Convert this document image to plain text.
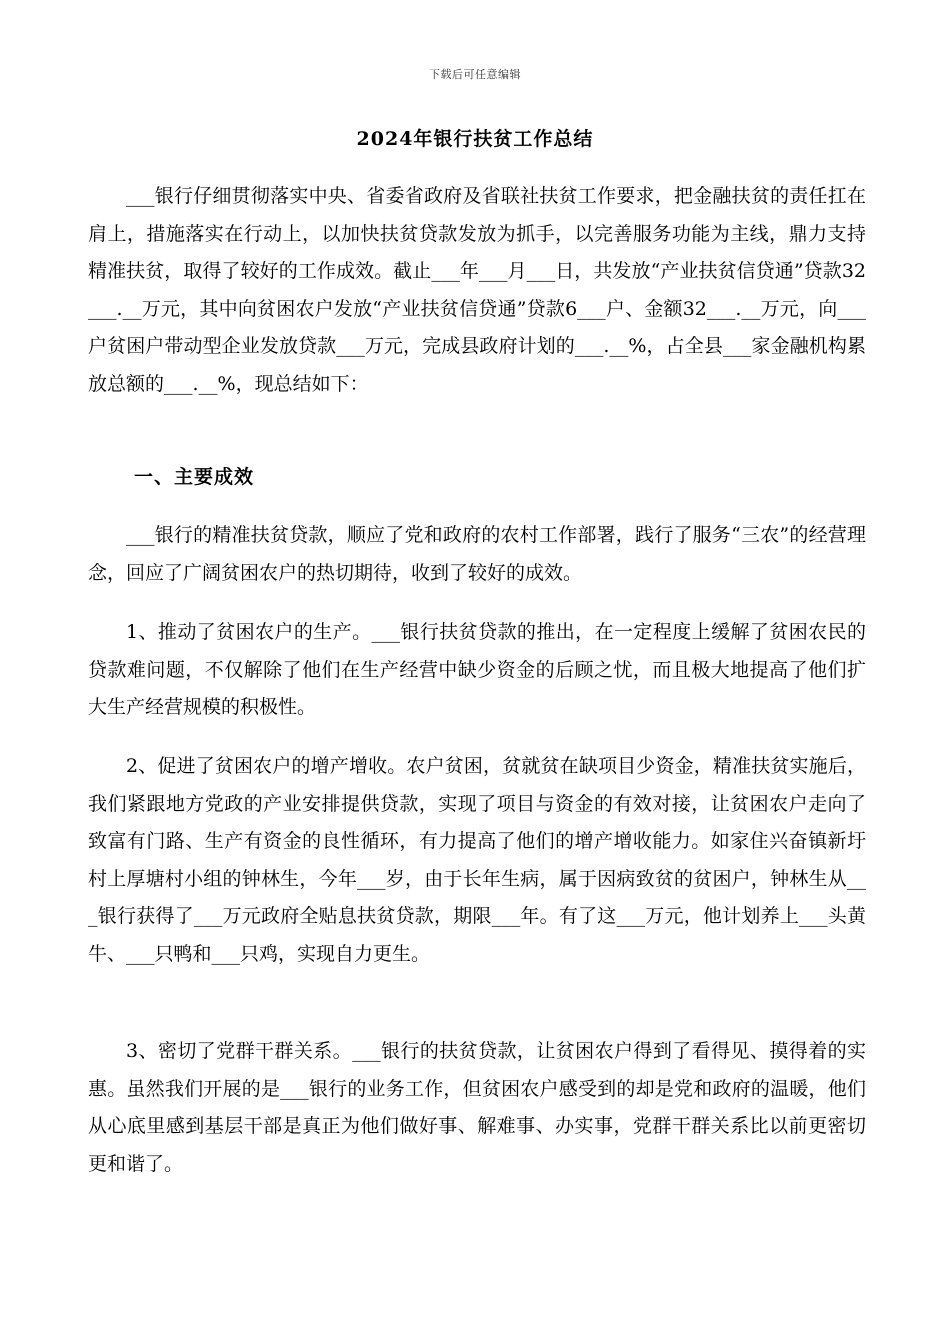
下载后可任意编辑
2024年银行扶贫工作总结

___银行仔细贯彻落实中央、省委省政府及省联社扶贫工作要求，把金融扶贫的责任扛在肩上，措施落实在行动上，以加快扶贫贷款发放为抓手，以完善服务功能为主线，鼎力支持精准扶贫，取得了较好的工作成效。截止___年___月___日，共发放“产业扶贫信贷通”贷款32___.__万元，其中向贫困农户发放“产业扶贫信贷通”贷款6___户、金额32___.__万元，向___户贫困户带动型企业发放贷款___万元，完成县政府计划的___.__%，占全县___家金融机构累放总额的___.__%，现总结如下：

一、主要成效

___银行的精准扶贫贷款，顺应了党和政府的农村工作部署，践行了服务“三农”的经营理念，回应了广阔贫困农户的热切期待，收到了较好的成效。

1、推动了贫困农户的生产。___银行扶贫贷款的推出，在一定程度上缓解了贫困农民的贷款难问题，不仅解除了他们在生产经营中缺少资金的后顾之忧，而且极大地提高了他们扩大生产经营规模的积极性。

2、促进了贫困农户的增产增收。农户贫困，贫就贫在缺项目少资金，精准扶贫实施后，我们紧跟地方党政的产业安排提供贷款，实现了项目与资金的有效对接，让贫困农户走向了致富有门路、生产有资金的良性循环，有力提高了他们的增产增收能力。如家住兴奋镇新圩村上厚塘村小组的钟林生，今年___岁，由于长年生病，属于因病致贫的贫困户，钟林生从___银行获得了___万元政府全贴息扶贫贷款，期限___年。有了这___万元，他计划养上___头黄牛、___只鸭和___只鸡，实现自力更生。

3、密切了党群干群关系。___银行的扶贫贷款，让贫困农户得到了看得见、摸得着的实惠。虽然我们开展的是___银行的业务工作，但贫困农户感受到的却是党和政府的温暖，他们从心底里感到基层干部是真正为他们做好事、解难事、办实事，党群干群关系比以前更密切更和谐了。
